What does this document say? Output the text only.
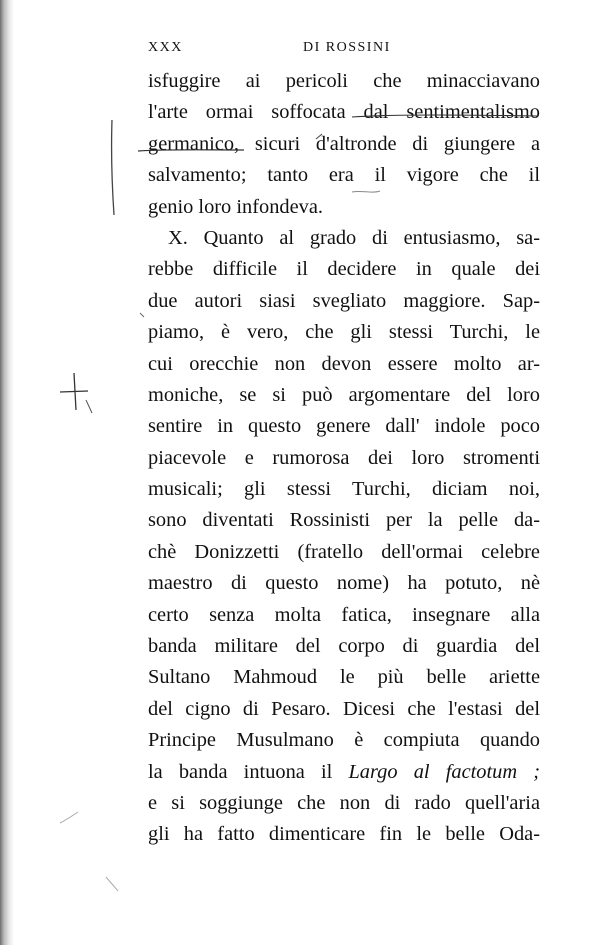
XXX	DI ROSSINI
isfuggire ai pericoli che minacciavano
l'arte ormai soffocata dal sentimentalismo
germanico, sicuri d'altronde di giungere a
salvamento; tanto era il vigore che il
genio loro infondeva.
X. Quanto al grado di entusiasmo, sa-
rebbe difficile il decidere in quale dei
due autori siasi svegliato maggiore. Sap-
piamo, è vero, che gli stessi Turchi, le
cui orecchie non devon essere molto ar-
moniche, se si può argomentare del loro
sentire in questo genere dall' indole poco
piacevole e rumorosa dei loro stromenti
musicali; gli stessi Turchi, diciam noi,
sono diventati Rossinisti per la pelle da-
chè Donizzetti (fratello dell'ormai celebre
maestro di questo nome) ha potuto, nè
certo senza molta fatica, insegnare alla
banda militare del corpo di guardia del
Sultano Mahmoud le più belle ariette
del cigno di Pesaro. Dicesi che l'estasi del
Principe Musulmano è compiuta quando
la banda intuona il Largo al factotum ;
e si soggiunge che non di rado quell'aria
gli ha fatto dimenticare fin le belle Oda-
